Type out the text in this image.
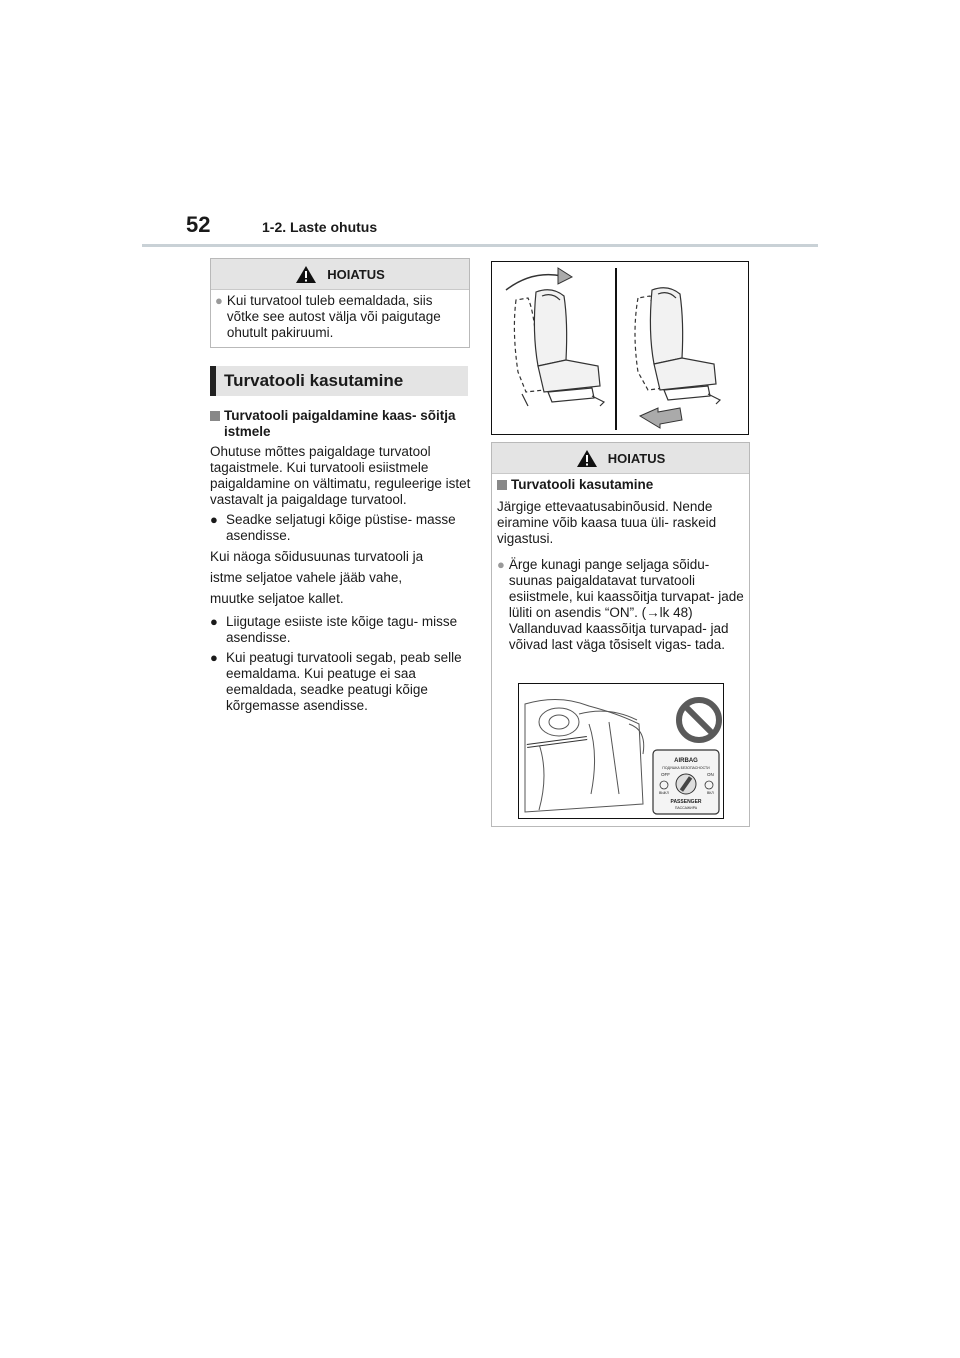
52	1-2. Laste ohutus
HOIATUS
● Kui turvatool tuleb eemaldada, siis võtke see autost välja või paigutage ohutult pakiruumi.
Turvatooli kasutamine
Turvatooli paigaldamine kaas- sõitja istmele
Ohutuse mõttes paigaldage turvatool tagaistmele. Kui turvatooli esiistmele paigaldamine on vältimatu, reguleerige istet vastavalt ja paigaldage turvatool.
● Seadke seljatugi kõige püstise- masse asendisse.
Kui näoga sõidusuunas turvatooli ja
istme seljatoe vahele jääb vahe,
muutke seljatoe kallet.
● Liigutage esiiste iste kõige tagu- misse asendisse.
● Kui peatugi turvatooli segab, peab selle eemaldama. Kui peatuge ei saa eemaldada, seadke peatugi kõige kõrgemasse asendisse.
HOIATUS
Turvatooli kasutamine
Järgige ettevaatusabinõusid. Nende eiramine võib kaasa tuua üli- raskeid vigastusi.
● Ärge kunagi pange seljaga sõidu- suunas paigaldatavat turvatooli esiistmele, kui kaassõitja turvapat- jade lüliti on asendis “ON”. (→lk 48) Vallanduvad kaassõitja turvapad- jad võivad last väga tõsiselt vigas- tada.
AIRBAG
ПОДУШКА БЕЗОПАСНОСТИ
OFF	ON
ВЫКЛ	ВКЛ
PASSENGER
ПАССАЖИРА
